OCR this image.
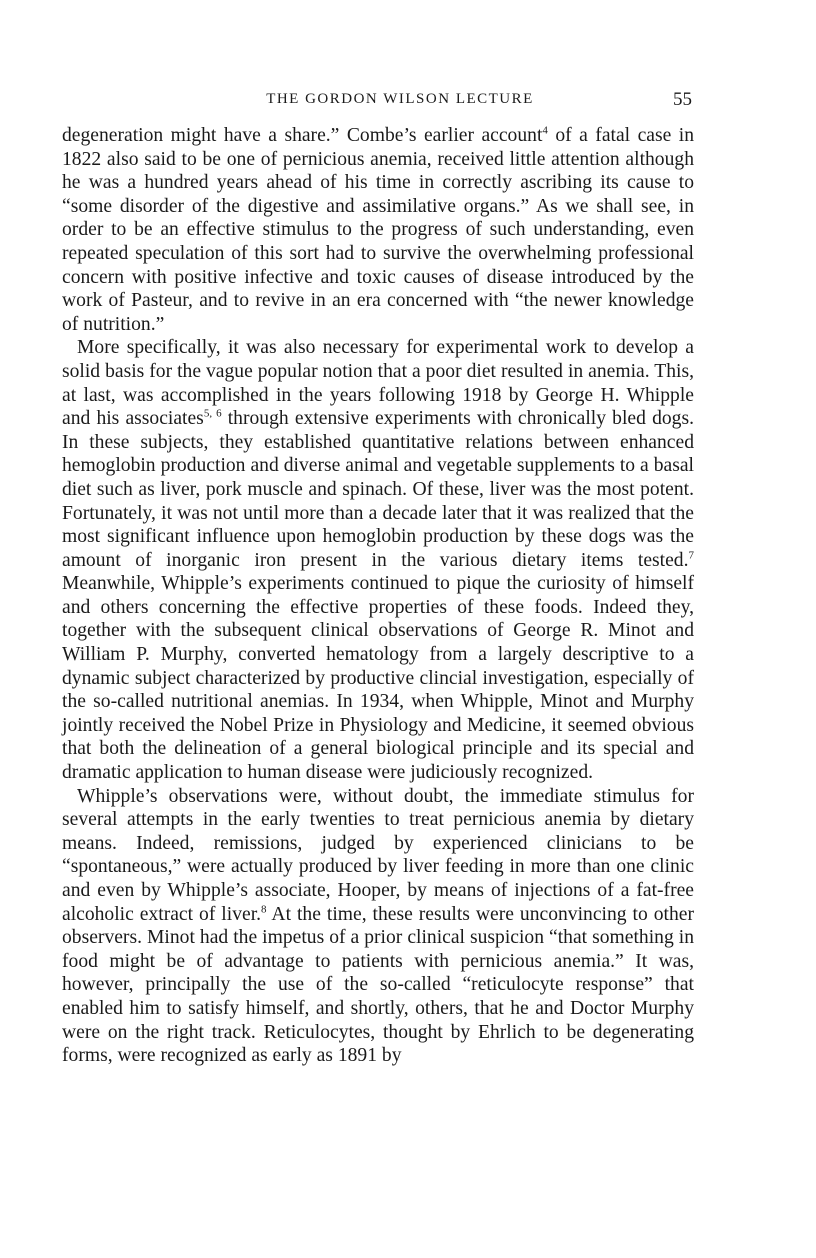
THE GORDON WILSON LECTURE	55

degeneration might have a share.” Combe’s earlier account$^4$ of a fatal case in 1822 also said to be one of pernicious anemia, received little attention although he was a hundred years ahead of his time in correctly ascribing its cause to “some disorder of the digestive and assimilative organs.” As we shall see, in order to be an effective stimulus to the progress of such understanding, even repeated speculation of this sort had to survive the overwhelming professional concern with positive infective and toxic causes of disease introduced by the work of Pasteur, and to revive in an era concerned with “the newer knowledge of nutrition.”

More specifically, it was also necessary for experimental work to develop a solid basis for the vague popular notion that a poor diet resulted in anemia. This, at last, was accomplished in the years following 1918 by George H. Whipple and his associates$^{5, 6}$ through extensive experiments with chronically bled dogs. In these subjects, they established quantitative relations between enhanced hemoglobin production and diverse animal and vegetable supplements to a basal diet such as liver, pork muscle and spinach. Of these, liver was the most potent. Fortunately, it was not until more than a decade later that it was realized that the most significant influence upon hemoglobin production by these dogs was the amount of inorganic iron present in the various dietary items tested.$^7$ Meanwhile, Whipple’s experiments continued to pique the curiosity of himself and others concerning the effective properties of these foods. Indeed they, together with the subsequent clinical observations of George R. Minot and William P. Murphy, converted hematology from a largely descriptive to a dynamic subject characterized by productive clincial investigation, especially of the so-called nutritional anemias. In 1934, when Whipple, Minot and Murphy jointly received the Nobel Prize in Physiology and Medicine, it seemed obvious that both the delineation of a general biological principle and its special and dramatic application to human disease were judiciously recognized.

Whipple’s observations were, without doubt, the immediate stimulus for several attempts in the early twenties to treat pernicious anemia by dietary means. Indeed, remissions, judged by experienced clinicians to be “spontaneous,” were actually produced by liver feeding in more than one clinic and even by Whipple’s associate, Hooper, by means of injections of a fat-free alcoholic extract of liver.$^8$ At the time, these results were unconvincing to other observers. Minot had the impetus of a prior clinical suspicion “that something in food might be of advantage to patients with pernicious anemia.” It was, however, principally the use of the so-called “reticulocyte response” that enabled him to satisfy himself, and shortly, others, that he and Doctor Murphy were on the right track. Reticulocytes, thought by Ehrlich to be degenerating forms, were recognized as early as 1891 by
